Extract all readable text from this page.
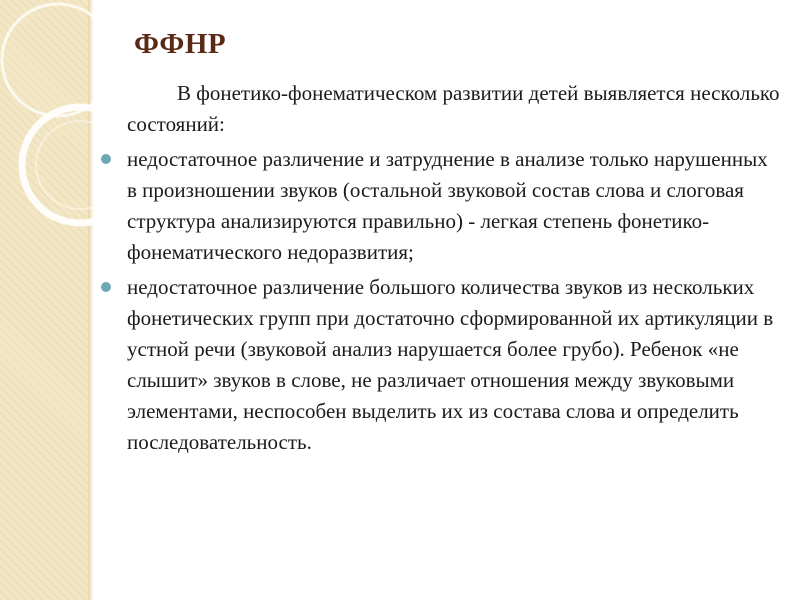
ФФНР

В фонетико-фонематическом развитии детей выявляется несколько состояний:

недостаточное различение и затруднение в анализе только нарушенных в произношении звуков (остальной звуковой состав слова и слоговая структура анализируются правильно) - легкая степень фонетико-фонематического недоразвития;
недостаточное различение большого количества звуков из нескольких фонетических групп при достаточно сформированной их артикуляции в устной речи (звуковой анализ нарушается более грубо). Ребенок «не слышит» звуков в слове, не различает отношения между звуковыми элементами, неспособен выделить их из состава слова и определить последовательность.
